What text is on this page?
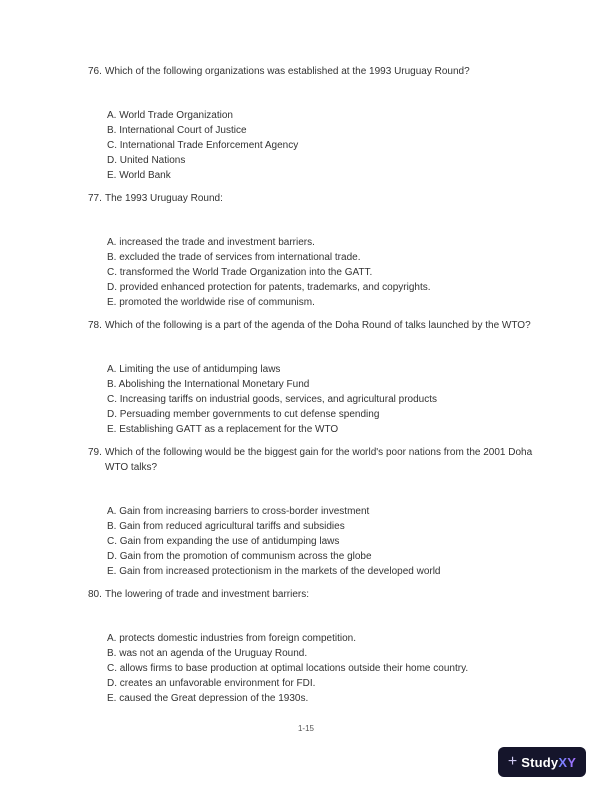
76. Which of the following organizations was established at the 1993 Uruguay Round?
A. World Trade Organization
B. International Court of Justice
C. International Trade Enforcement Agency
D. United Nations
E. World Bank
77. The 1993 Uruguay Round:
A. increased the trade and investment barriers.
B. excluded the trade of services from international trade.
C. transformed the World Trade Organization into the GATT.
D. provided enhanced protection for patents, trademarks, and copyrights.
E. promoted the worldwide rise of communism.
78. Which of the following is a part of the agenda of the Doha Round of talks launched by the WTO?
A. Limiting the use of antidumping laws
B. Abolishing the International Monetary Fund
C. Increasing tariffs on industrial goods, services, and agricultural products
D. Persuading member governments to cut defense spending
E. Establishing GATT as a replacement for the WTO
79. Which of the following would be the biggest gain for the world's poor nations from the 2001 Doha WTO talks?
A. Gain from increasing barriers to cross-border investment
B. Gain from reduced agricultural tariffs and subsidies
C. Gain from expanding the use of antidumping laws
D. Gain from the promotion of communism across the globe
E. Gain from increased protectionism in the markets of the developed world
80. The lowering of trade and investment barriers:
A. protects domestic industries from foreign competition.
B. was not an agenda of the Uruguay Round.
C. allows firms to base production at optimal locations outside their home country.
D. creates an unfavorable environment for FDI.
E. caused the Great depression of the 1930s.
1-15
+ StudyXY
